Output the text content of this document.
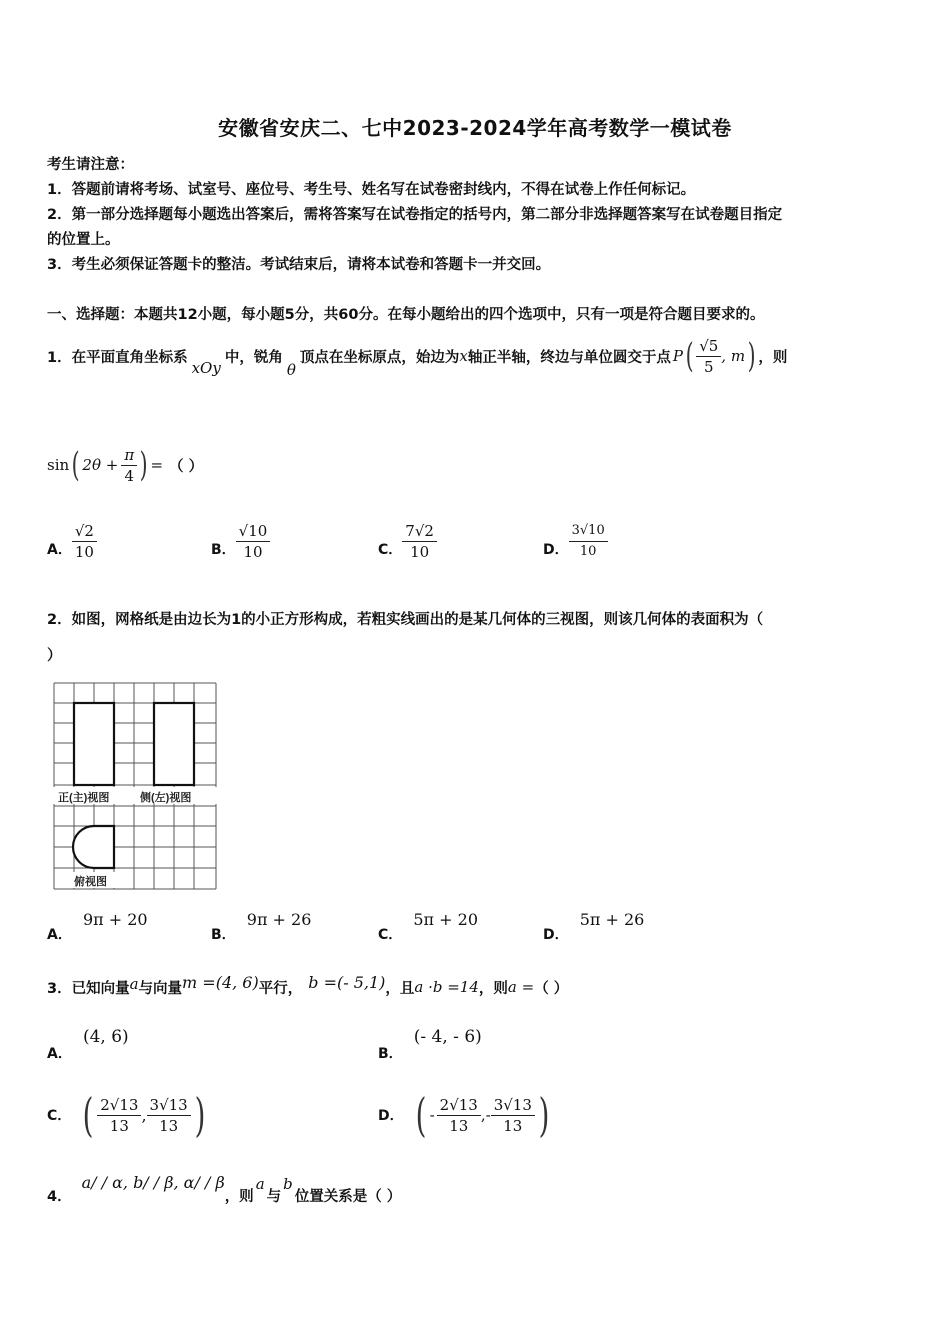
安徽省安庆二、七中2023-2024学年高考数学一模试卷
考生请注意：
1．答题前请将考场、试室号、座位号、考生号、姓名写在试卷密封线内，不得在试卷上作任何标记。
2．第一部分选择题每小题选出答案后，需将答案写在试卷指定的括号内，第二部分非选择题答案写在试卷题目指定
的位置上。
3．考生必须保证答题卡的整洁。考试结束后，请将本试卷和答题卡一并交回。
一、选择题：本题共12小题，每小题5分，共60分。在每小题给出的四个选项中，只有一项是符合题目要求的。
1．在平面直角坐标系
xOy
中，锐角
θ
顶点在坐标原点，始边为 x 轴正半轴，终边与单位圆交于点 P ( $\frac{√5}{5}$ , m ) ，则
sin ( $2\theta + \frac{\pi}{4}$ ) = （ ）
A． $\frac{√2}{10}$	B． $\frac{√10}{10}$	C． $\frac{7√2}{10}$	D． $\frac{3√10}{10}$
2．如图，网格纸是由边长为1的小正方形构成，若粗实线画出的是某几何体的三视图，则该几何体的表面积为（
）
正(主)视图	侧(左)视图
俯视图
A． 9π + 20
B． 9π + 26
C． 5π + 20
D． 5π + 26
3．已知向量 a 与向量 m =(4, 6) 平行， b =(- 5,1) ，且 a ·b =14 ，则 a = （ ）
A． (4, 6)
B． (- 4, - 6)
C． ( $\frac{2√13}{13}$ , $\frac{3√13}{13}$ )	D． ( - $\frac{2√13}{13}$ ,- $\frac{3√13}{13}$ )
4．
a/ / α, b/ / β, α/ / β
，则
a
与
b
位置关系是（ ）
